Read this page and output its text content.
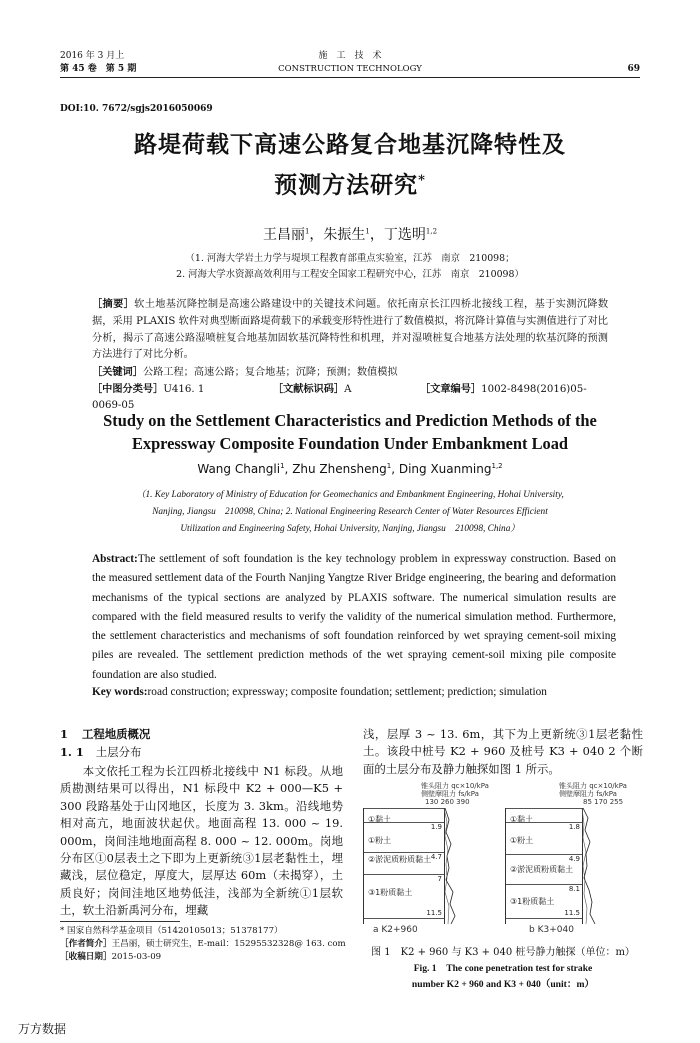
2016 年 3 月上
第 45 卷　第 5 期
施　工　技　术
CONSTRUCTION TECHNOLOGY	69
DOI:10. 7672/sgjs2016050069
路堤荷载下高速公路复合地基沉降特性及
预测方法研究*
王昌丽$^1$，朱振生$^1$，丁选明$^{1,2}$
（1. 河海大学岩土力学与堤坝工程教育部重点实验室，江苏　南京　210098；
2. 河海大学水资源高效利用与工程安全国家工程研究中心，江苏　南京　210098）
［摘要］软土地基沉降控制是高速公路建设中的关键技术问题。依托南京长江四桥北接线工程，基于实测沉降数据，采用 PLAXIS 软件对典型断面路堤荷载下的承载变形特性进行了数值模拟，将沉降计算值与实测值进行了对比分析，揭示了高速公路湿喷桩复合地基加固软基沉降特性和机理，并对湿喷桩复合地基方法处理的软基沉降的预测方法进行了对比分析。
［关键词］公路工程；高速公路；复合地基；沉降；预测；数值模拟
［中图分类号］U416. 1	［文献标识码］A	［文章编号］1002-8498(2016)05-0069-05
Study on the Settlement Characteristics and Prediction Methods of the
Expressway Composite Foundation Under Embankment Load
Wang Changli$^1$, Zhu Zhensheng$^1$, Ding Xuanming$^{1,2}$
（1. Key Laboratory of Ministry of Education for Geomechanics and Embankment Engineering, Hohai University,
Nanjing, Jiangsu　210098, China; 2. National Engineering Research Center of Water Resources Efficient
Utilization and Engineering Safety, Hohai University, Nanjing, Jiangsu　210098, China）
Abstract:The settlement of soft foundation is the key technology problem in expressway construction. Based on the measured settlement data of the Fourth Nanjing Yangtze River Bridge engineering, the bearing and deformation mechanisms of the typical sections are analyzed by PLAXIS software. The numerical simulation results are compared with the field measured results to verify the validity of the numerical simulation method. Furthermore, the settlement characteristics and mechanisms of soft foundation reinforced by wet spraying cement-soil mixing piles are revealed. The settlement prediction methods of the wet spraying cement-soil mixing pile composite foundation are also studied.
Key words:road construction; expressway; composite foundation; settlement; prediction; simulation
1 工程地质概况
1. 1 土层分布

本文依托工程为长江四桥北接线中 N1 标段。从地质勘测结果可以得出，N1 标段中 K2 + 000—K5 + 300 段路基处于山冈地区，长度为 3. 3km。沿线地势相对高亢，地面波状起伏。地面高程 13. 000 ~ 19. 000m，岗间洼地地面高程 8. 000 ~ 12. 000m。岗地分布区①0层表土之下即为上更新统③1层老黏性土，埋藏浅，层位稳定，厚度大，层厚达 60m（未揭穿），土质良好；岗间洼地区地势低洼，浅部为全新统①1层软土，软土沿新禹河分布，埋藏

* 国家自然科学基金项目（51420105013；51378177）
［作者简介］王昌丽，硕士研究生，E-mail：15295532328@ 163. com
［收稿日期］2015-03-09
浅，层厚 3 ~ 13. 6m，其下为上更新统③1层老黏性土。该段中桩号 K2 + 960 及桩号 K3 + 040 2 个断面的土层分布及静力触探如图 1 所示。
锥头阻力 qc×10/kPa
侧壁摩阻力 fs/kPa
130 260 390
①黏土
1.9
①粉土
4.7
②淤泥质粉质黏土
7
③1粉质黏土
11.5
a K2+960
锥头阻力 qc×10/kPa
侧壁摩阻力 fs/kPa
85 170 255
①黏土
1.8
①粉土
4.9
②淤泥质粉质黏土
8.1
③1粉质黏土
11.5
b K3+040
图 1　K2 + 960 与 K3 + 040 桩号静力触探（单位：m）
Fig. 1　The cone penetration test for strake
number K2 + 960 and K3 + 040（unit：m）
万方数据
